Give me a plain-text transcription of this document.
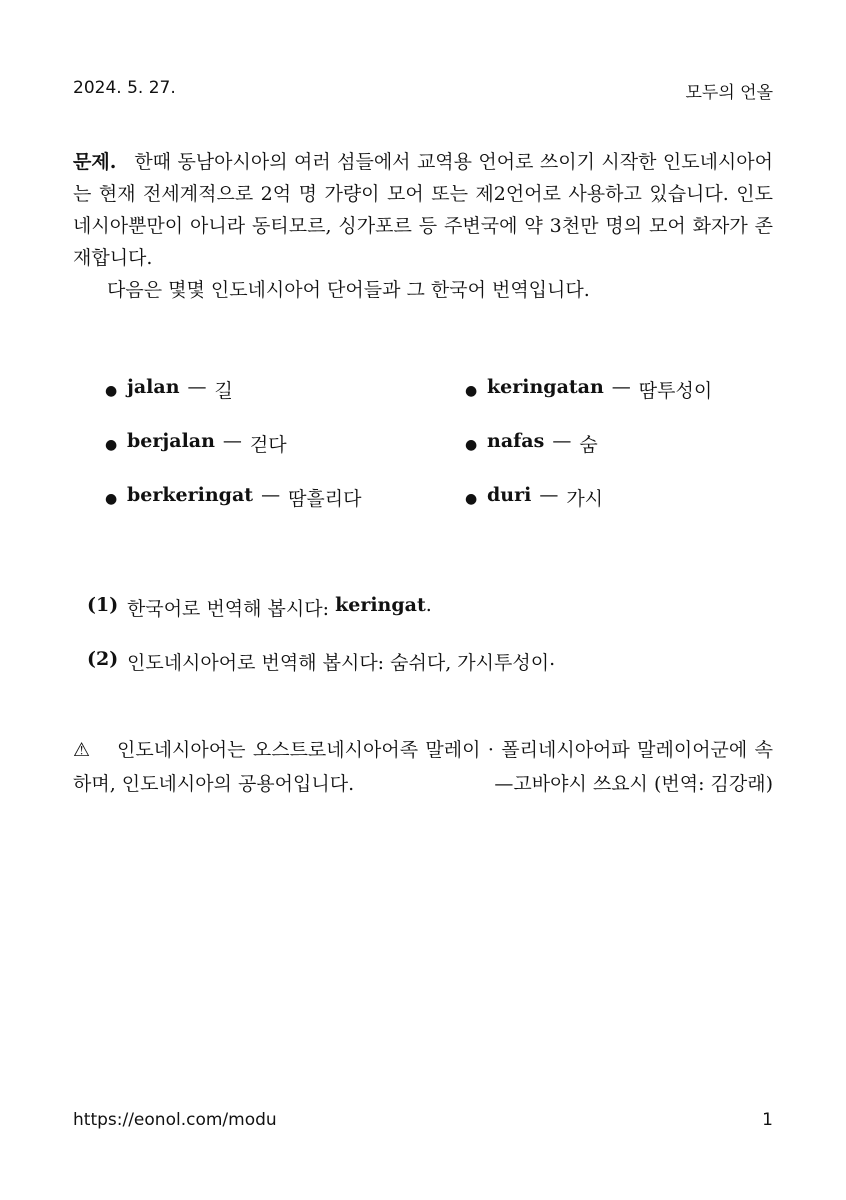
2024. 5. 27.	모두의 언올

문제. 한때 동남아시아의 여러 섬들에서 교역용 언어로 쓰이기 시작한 인도네시아어는 현재 전세계적으로 2억 명 가량이 모어 또는 제2언어로 사용하고 있습니다. 인도네시아뿐만이 아니라 동티모르, 싱가포르 등 주변국에 약 3천만 명의 모어 화자가 존재합니다.

다음은 몇몇 인도네시아어 단어들과 그 한국어 번역입니다.

● jalan — 길	● keringatan — 땀투성이
● berjalan — 걷다	● nafas — 숨
● berkeringat — 땀흘리다	● duri — 가시
(1) 한국어로 번역해 봅시다:
keringat .
(2) 인도네시아어로 번역해 봅시다:
숨쉬다, 가시투성이 .
⚠ 인도네시아어는 오스트로네시아어족 말레이 · 폴리네시아어파 말레이어군에 속하며, 인도네시아의 공용어입니다.	—고바야시 쓰요시 (번역: 김강래)
https://eonol.com/modu	1
